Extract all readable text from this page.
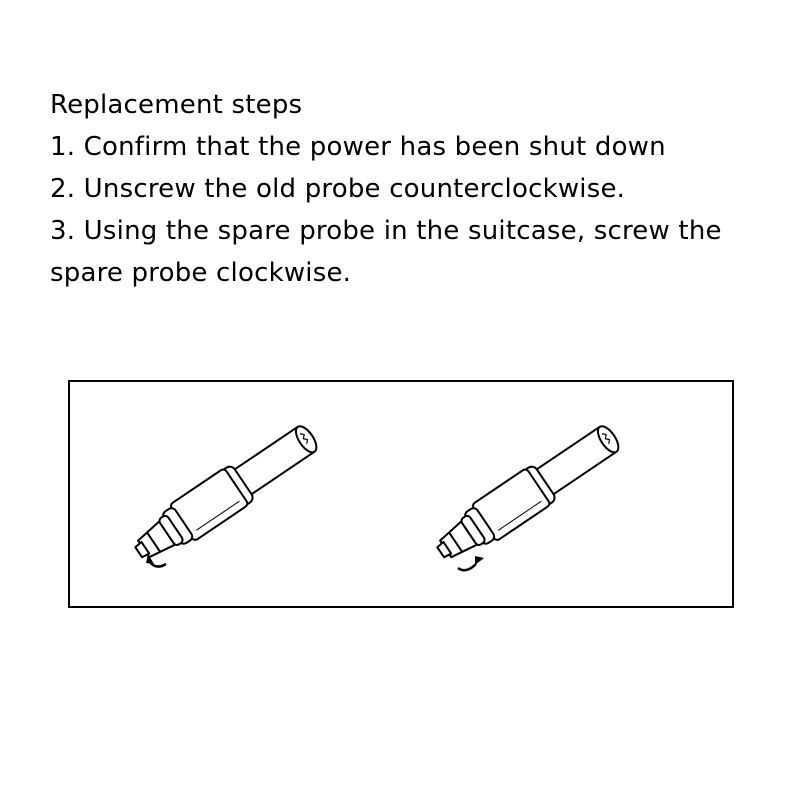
Replacement steps
1. Confirm that the power has been shut down
2. Unscrew the old probe counterclockwise.
3. Using the spare probe in the suitcase, screw the
spare probe clockwise.
